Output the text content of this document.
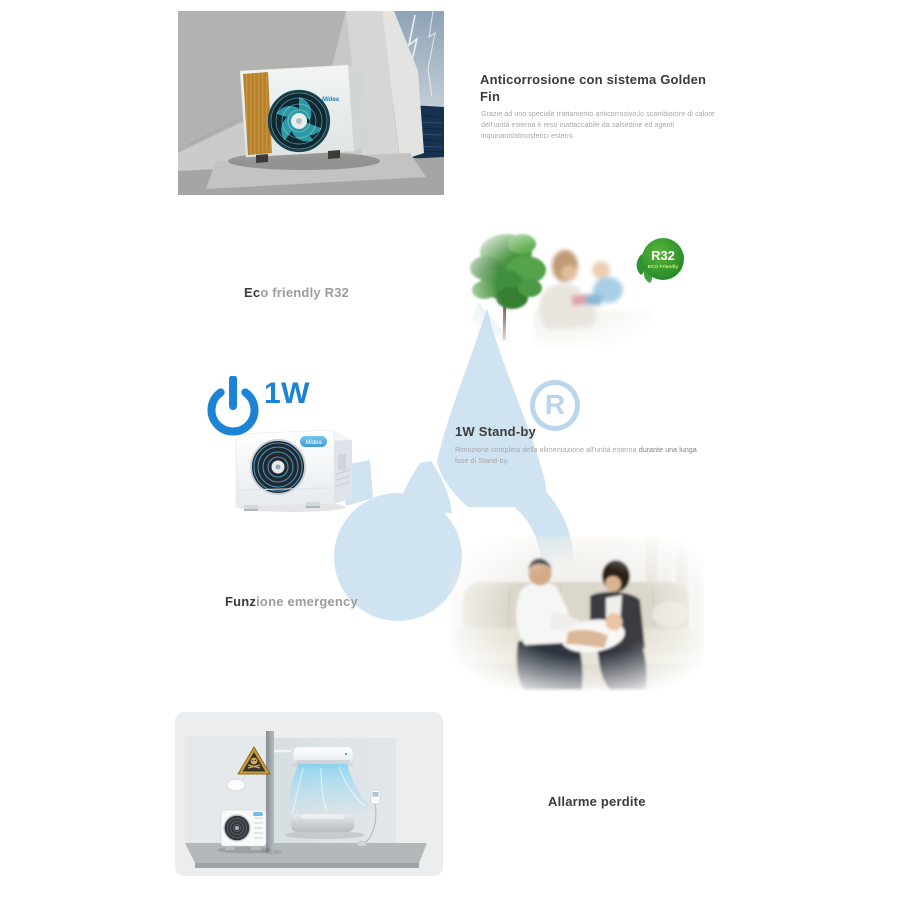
Midea
Anticorrosione con sistema Golden Fin
Grazie ad uno speciale trattamento anticorrosivo,lo scambiatore di calore dell'unità esterna è reso inattaccabile da salsedine ed agenti inquinanti/atmosferici esterni.
Eco friendly R32
R32
ECO Friendly
1W
Midea
R
1W Stand-by
Rimozione completa della alimentazione all'unità esterna durante una lunga fase di Stand-by.
Funzione emergency
Allarme perdite
